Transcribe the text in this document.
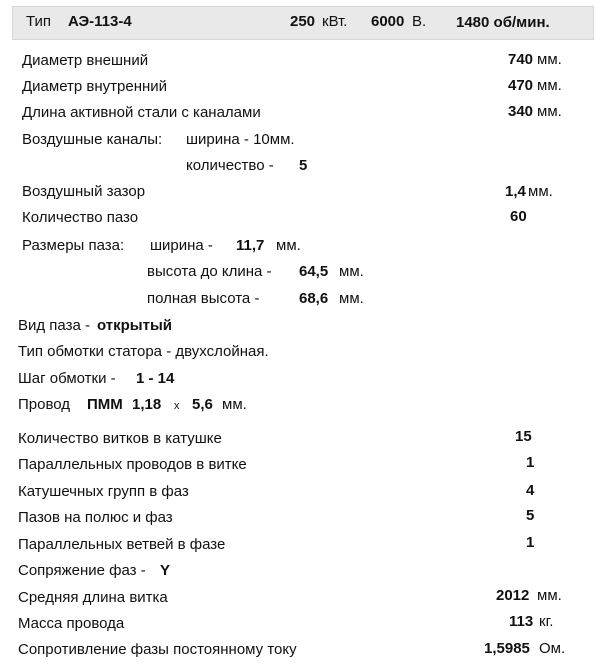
Тип АЭ-113-4	250 кВт. 6000 В. 1480 об/мин.
Диаметр внешний	740 мм.
Диаметр внутренний	470 мм.
Длина активной стали с каналами	340 мм.
Воздушные каналы: ширина - 10мм.
количество - 5
Воздушный зазор	1,4 мм.
Количество пазо	60
Размеры паза: ширина - 11,7 мм.
высота до клина - 64,5 мм.
полная высота -	68,6 мм.
Вид паза - открытый
Тип обмотки статора - двухслойная.
Шаг обмотки - 1 - 14
Провод ПММ 1,18 x 5,6 мм.
Количество витков в катушке	15
Параллельных проводов в витке	1
Катушечных групп в фаз	4
Пазов на полюс и фаз	5
Параллельных ветвей в фазе	1
Сопряжение фаз - Y
Средняя длина витка	2012 мм.
Масса провода	113 кг.
Сопротивление фазы постоянному току	1,5985 Ом.
